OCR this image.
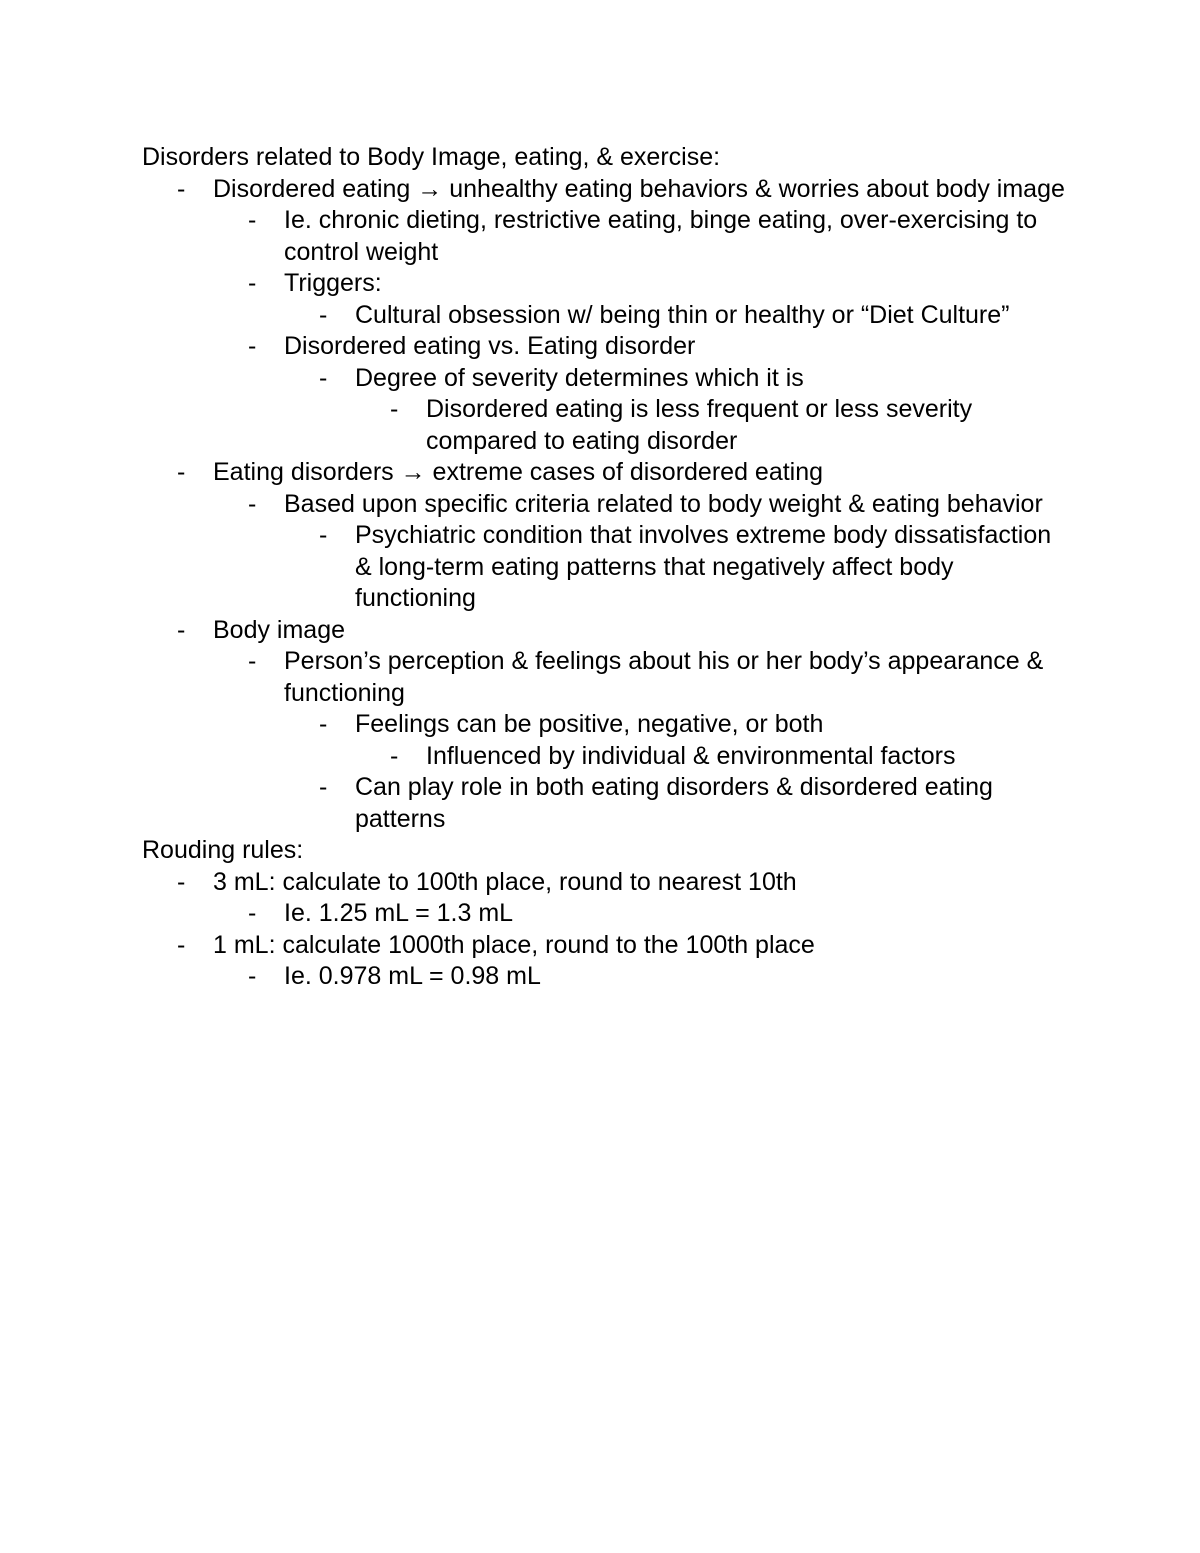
Disorders related to Body Image, eating, & exercise:
- Disordered eating → unhealthy eating behaviors & worries about body image
- Ie. chronic dieting, restrictive eating, binge eating, over-exercising to control weight
- Triggers:
- Cultural obsession w/ being thin or healthy or “Diet Culture”
- Disordered eating vs. Eating disorder
- Degree of severity determines which it is
- Disordered eating is less frequent or less severity compared to eating disorder
- Eating disorders → extreme cases of disordered eating
- Based upon specific criteria related to body weight & eating behavior
- Psychiatric condition that involves extreme body dissatisfaction & long-term eating patterns that negatively affect body functioning
- Body image
- Person’s perception & feelings about his or her body’s appearance & functioning
- Feelings can be positive, negative, or both
- Influenced by individual & environmental factors
- Can play role in both eating disorders & disordered eating patterns
Rouding rules:
- 3 mL: calculate to 100th place, round to nearest 10th
- Ie. 1.25 mL = 1.3 mL
- 1 mL: calculate 1000th place, round to the 100th place
- Ie. 0.978 mL = 0.98 mL
